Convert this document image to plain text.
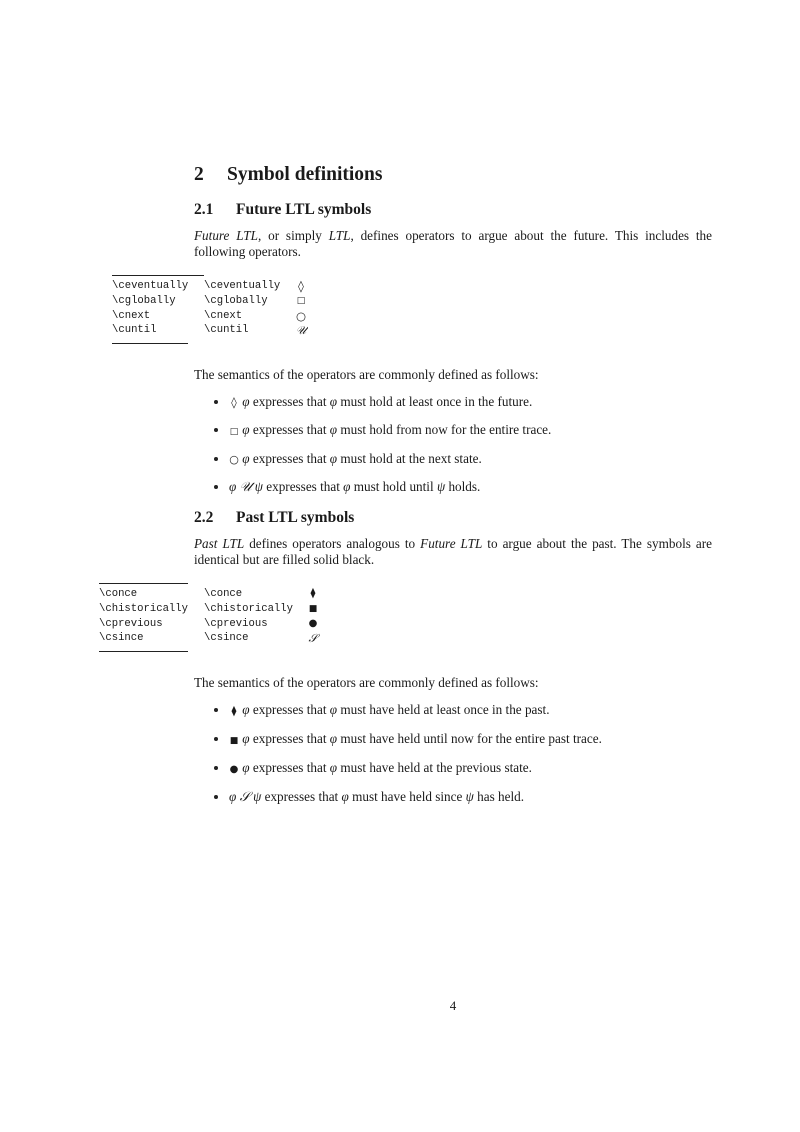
2 Symbol definitions
2.1 Future LTL symbols
Future LTL, or simply LTL, defines operators to argue about the future. This includes the following operators.
\ceventually	\ceventually	◊
\cglobally	\cglobally	□
\cnext	\cnext	○
\cuntil	\cuntil	𝒰
The semantics of the operators are commonly defined as follows:
◊ φ expresses that φ must hold at least once in the future.
□ φ expresses that φ must hold from now for the entire trace.
○ φ expresses that φ must hold at the next state.
φ 𝒰 ψ expresses that φ must hold until ψ holds.
2.2 Past LTL symbols
Past LTL defines operators analogous to Future LTL to argue about the past. The symbols are identical but are filled solid black.
\conce	\conce	⧫
\chistorically	\chistorically	■
\cprevious	\cprevious	●
\csince	\csince	𝒮
The semantics of the operators are commonly defined as follows:
⧫ φ expresses that φ must have held at least once in the past.
■ φ expresses that φ must have held until now for the entire past trace.
● φ expresses that φ must have held at the previous state.
φ 𝒮 ψ expresses that φ must have held since ψ has held.
4
